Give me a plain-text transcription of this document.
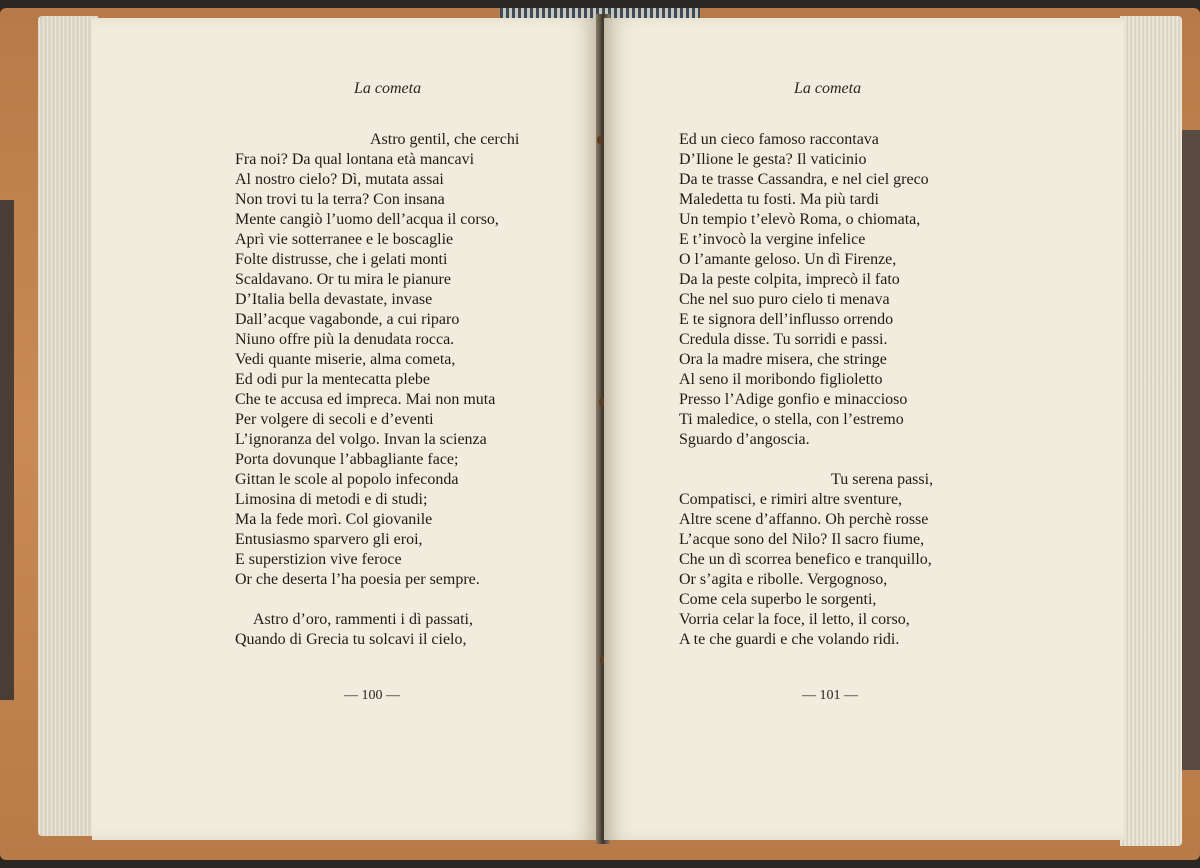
La cometa
Astro gentil, che cerchi
Fra noi? Da qual lontana età mancavi
Al nostro cielo? Dì, mutata assai
Non trovi tu la terra? Con insana
Mente cangiò l’uomo dell’acqua il corso,
Aprì vie sotterranee e le boscaglie
Folte distrusse, che i gelati monti
Scaldavano. Or tu mira le pianure
D’Italia bella devastate, invase
Dall’acque vagabonde, a cui riparo
Niuno offre più la denudata rocca.
Vedi quante miserie, alma cometa,
Ed odi pur la mentecatta plebe
Che te accusa ed impreca. Mai non muta
Per volgere di secoli e d’eventi
L’ignoranza del volgo. Invan la scienza
Porta dovunque l’abbagliante face;
Gittan le scole al popolo infeconda
Limosina di metodi e di studi;
Ma la fede morì. Col giovanile
Entusiasmo sparvero gli eroi,
E superstizion vive feroce
Or che deserta l’ha poesia per sempre.
Astro d’oro, rammenti i dì passati,
Quando di Grecia tu solcavi il cielo,
— 100 —
La cometa
Ed un cieco famoso raccontava
D’Ilione le gesta? Il vaticinio
Da te trasse Cassandra, e nel ciel greco
Maledetta tu fosti. Ma più tardi
Un tempio t’elevò Roma, o chiomata,
E t’invocò la vergine infelice
O l’amante geloso. Un dì Firenze,
Da la peste colpita, imprecò il fato
Che nel suo puro cielo ti menava
E te signora dell’influsso orrendo
Credula disse. Tu sorridi e passi.
Ora la madre misera, che stringe
Al seno il moribondo figlioletto
Presso l’Adige gonfio e minaccioso
Ti maledice, o stella, con l’estremo
Sguardo d’angoscia.
Tu serena passi,
Compatisci, e rimiri altre sventure,
Altre scene d’affanno. Oh perchè rosse
L’acque sono del Nilo? Il sacro fiume,
Che un dì scorrea benefico e tranquillo,
Or s’agita e ribolle. Vergognoso,
Come cela superbo le sorgenti,
Vorria celar la foce, il letto, il corso,
A te che guardi e che volando ridi.
— 101 —
